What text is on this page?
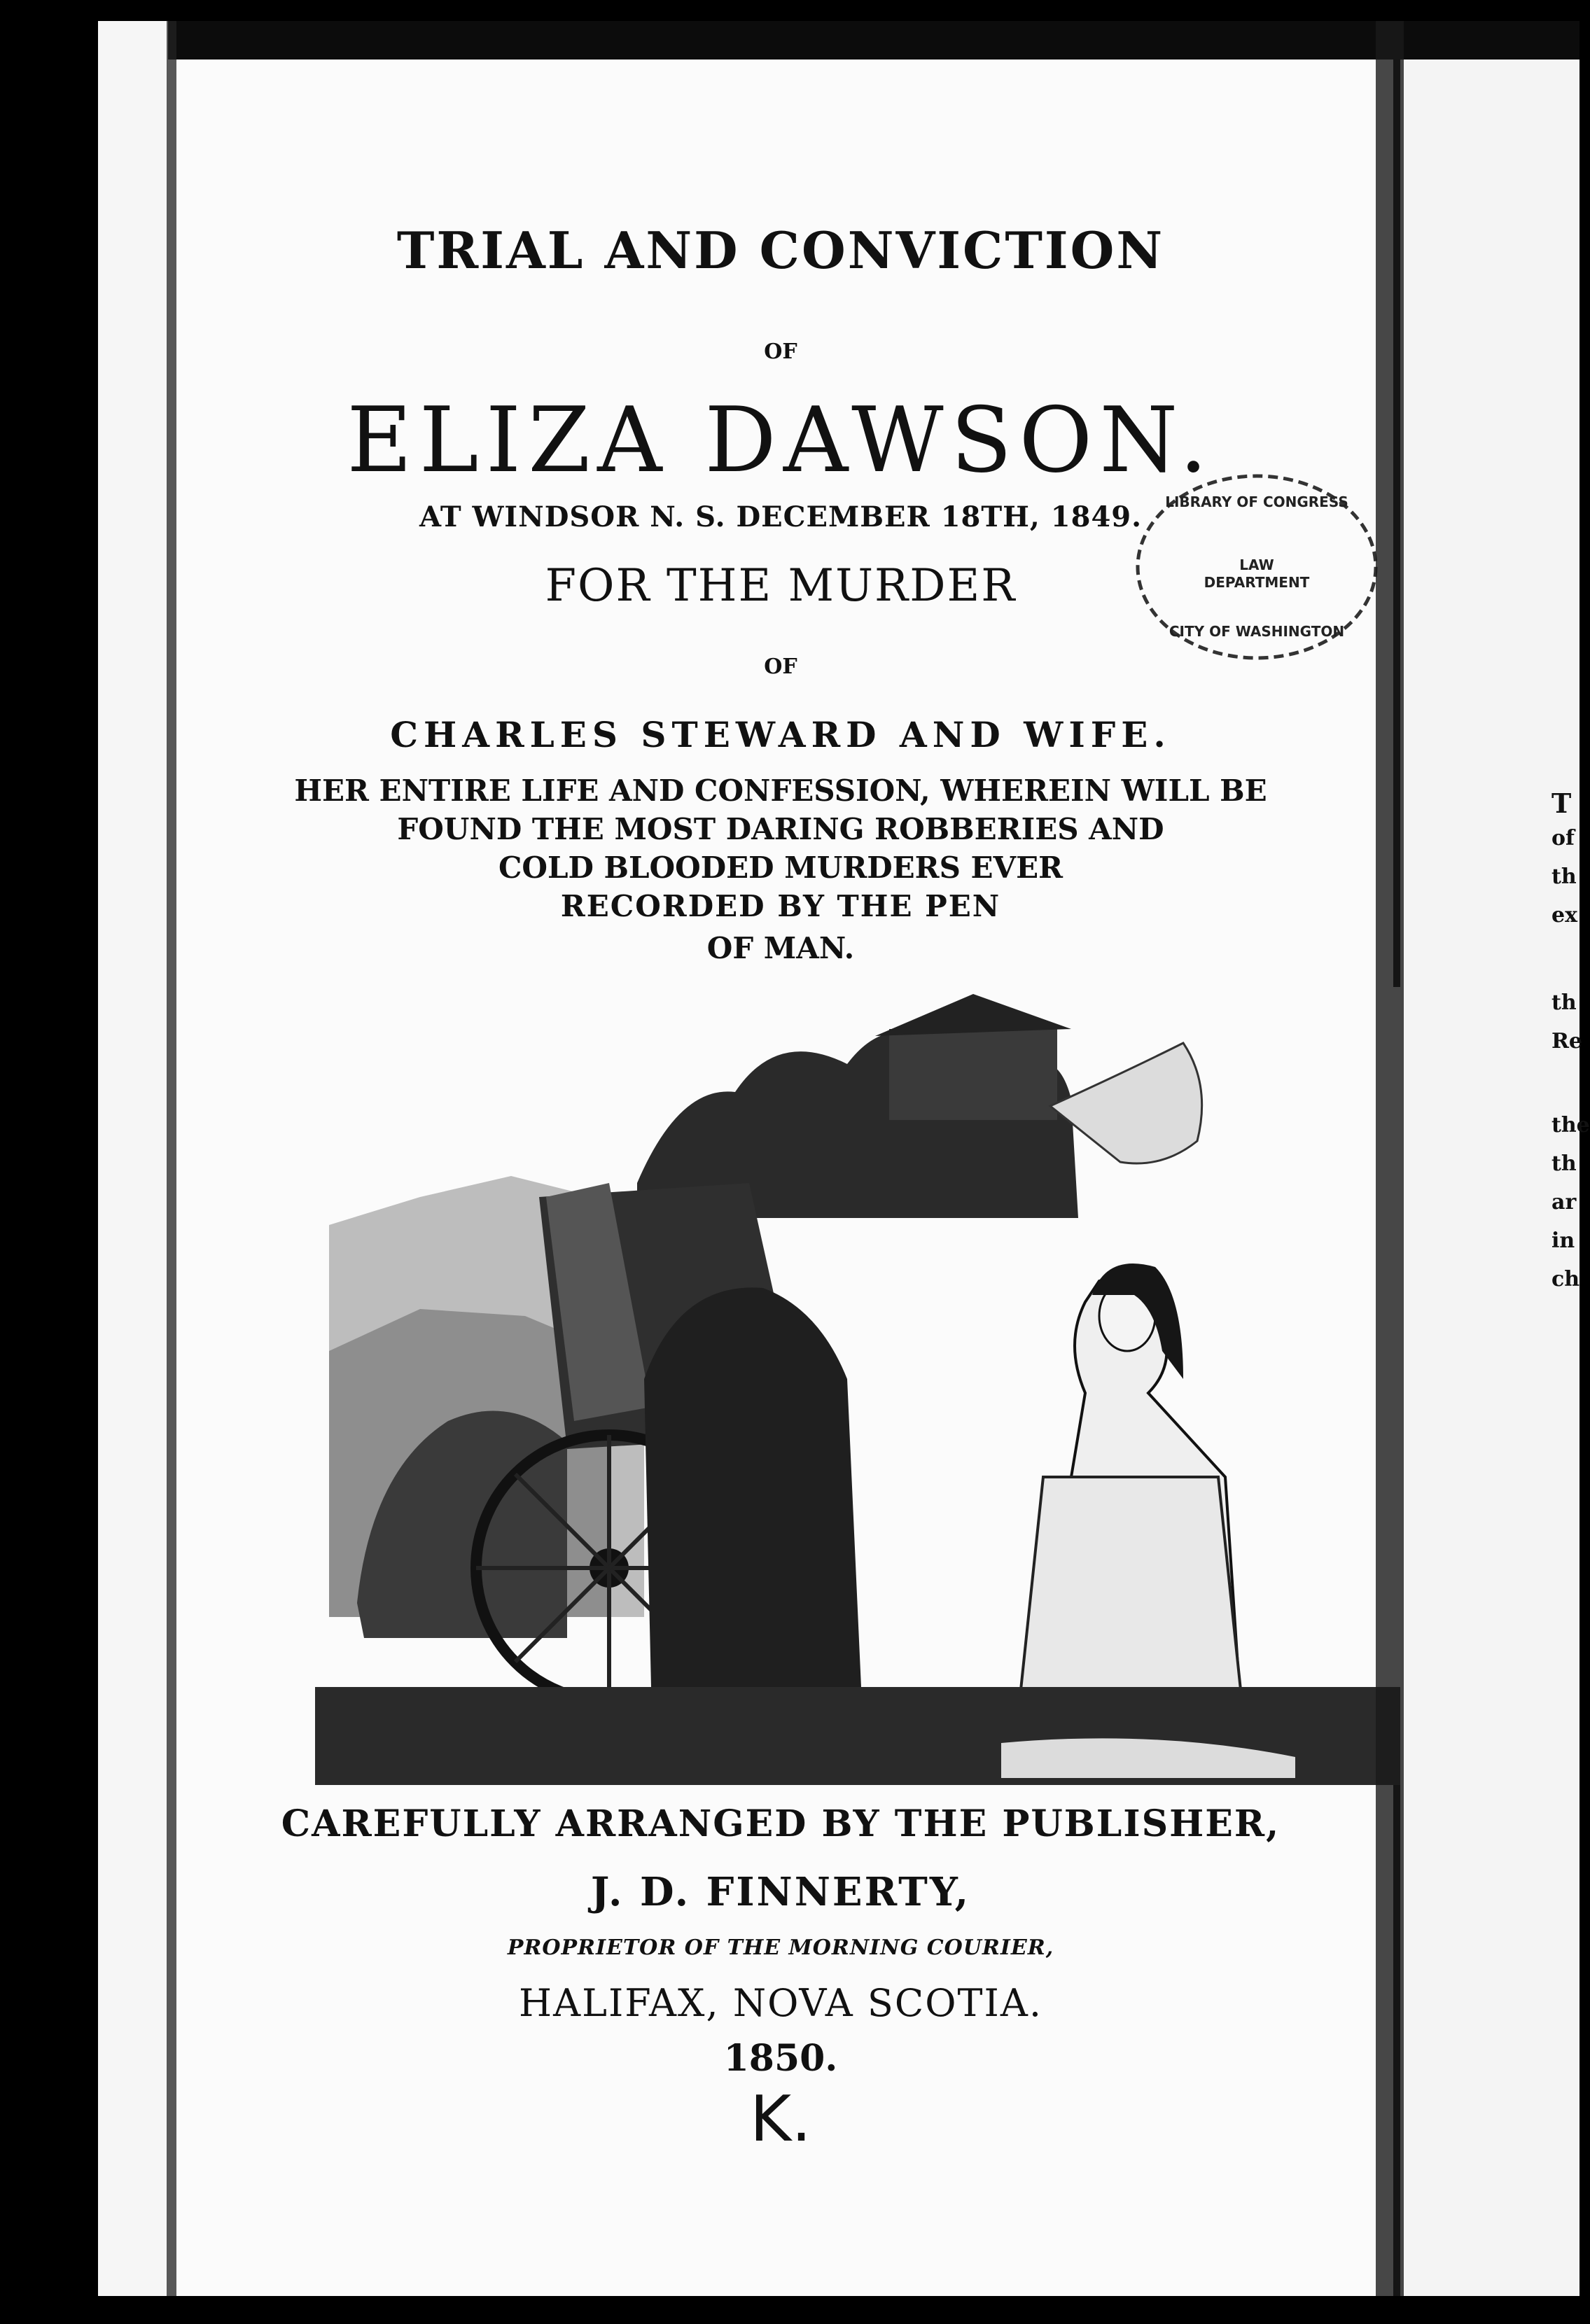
TRIAL AND CONVICTION
OF
ELIZA DAWSON.
AT WINDSOR N. S. DECEMBER 18TH, 1849.
FOR THE MURDER
OF
CHARLES STEWARD AND WIFE.
HER ENTIRE LIFE AND CONFESSION, WHEREIN WILL BE
FOUND THE MOST DARING ROBBERIES AND
COLD BLOODED MURDERS EVER
RECORDED BY THE PEN
OF MAN.
CAREFULLY ARRANGED BY THE PUBLISHER,
J. D. FINNERTY,
PROPRIETOR OF THE MORNING COURIER,
HALIFAX, NOVA SCOTIA.
1850.
K.
LIBRARY OF CONGRESS
LAW
DEPARTMENT
CITY OF WASHINGTON
T
of
th
ex
th
Re
the
th
ar
in
ch
